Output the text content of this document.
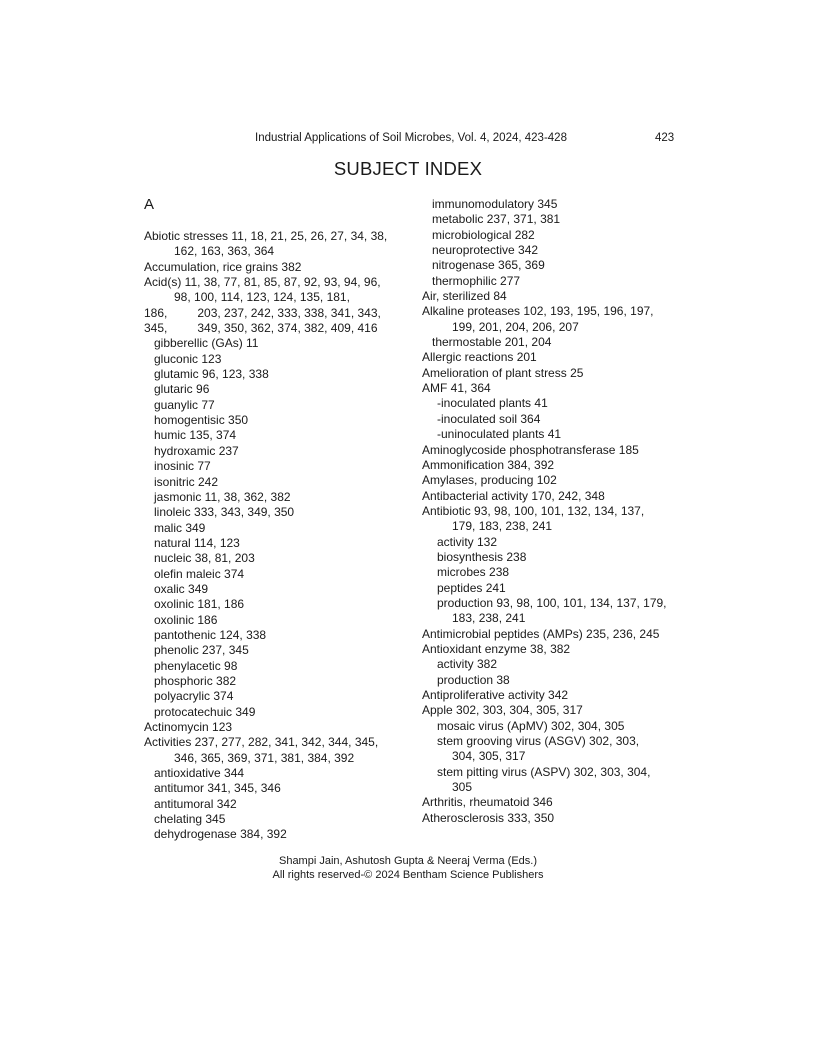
Industrial Applications of Soil Microbes, Vol. 4, 2024, 423-428	423
SUBJECT INDEX
A
Abiotic stresses 11, 18, 21, 25, 26, 27, 34, 38,
162, 163, 363, 364
Accumulation, rice grains 382
Acid(s) 11, 38, 77, 81, 85, 87, 92, 93, 94, 96,
98, 100, 114, 123, 124, 135, 181, 186,	203, 237, 242, 333, 338, 341, 343, 345,	349, 350, 362, 374, 382, 409, 416
gibberellic (GAs) 11
gluconic 123
glutamic 96, 123, 338
glutaric 96
guanylic 77
homogentisic 350
humic 135, 374
hydroxamic 237
inosinic 77
isonitric 242
jasmonic 11, 38, 362, 382
linoleic 333, 343, 349, 350
malic 349
natural 114, 123
nucleic 38, 81, 203
olefin maleic 374
oxalic 349
oxolinic 181, 186
oxolinic 186
pantothenic 124, 338
phenolic 237, 345
phenylacetic 98
phosphoric 382
polyacrylic 374
protocatechuic 349
Actinomycin 123
Activities 237, 277, 282, 341, 342, 344, 345,
346, 365, 369, 371, 381, 384, 392
antioxidative 344
antitumor 341, 345, 346
antitumoral 342
chelating 345
dehydrogenase 384, 392
immunomodulatory 345
metabolic 237, 371, 381
microbiological 282
neuroprotective 342
nitrogenase 365, 369
thermophilic 277
Air, sterilized 84
Alkaline proteases 102, 193, 195, 196, 197,
199, 201, 204, 206, 207
thermostable 201, 204
Allergic reactions 201
Amelioration of plant stress 25
AMF 41, 364
-inoculated plants 41
-inoculated soil 364
-uninoculated plants 41
Aminoglycoside phosphotransferase 185
Ammonification 384, 392
Amylases, producing 102
Antibacterial activity 170, 242, 348
Antibiotic 93, 98, 100, 101, 132, 134, 137,
179, 183, 238, 241
activity 132
biosynthesis 238
microbes 238
peptides 241
production 93, 98, 100, 101, 134, 137, 179,
183, 238, 241
Antimicrobial peptides (AMPs) 235, 236, 245
Antioxidant enzyme 38, 382
activity 382
production 38
Antiproliferative activity 342
Apple 302, 303, 304, 305, 317
mosaic virus (ApMV) 302, 304, 305
stem grooving virus (ASGV) 302, 303,
304, 305, 317
stem pitting virus (ASPV) 302, 303, 304,
305
Arthritis, rheumatoid 346
Atherosclerosis 333, 350
Shampi Jain, Ashutosh Gupta & Neeraj Verma (Eds.)
All rights reserved-© 2024 Bentham Science Publishers
